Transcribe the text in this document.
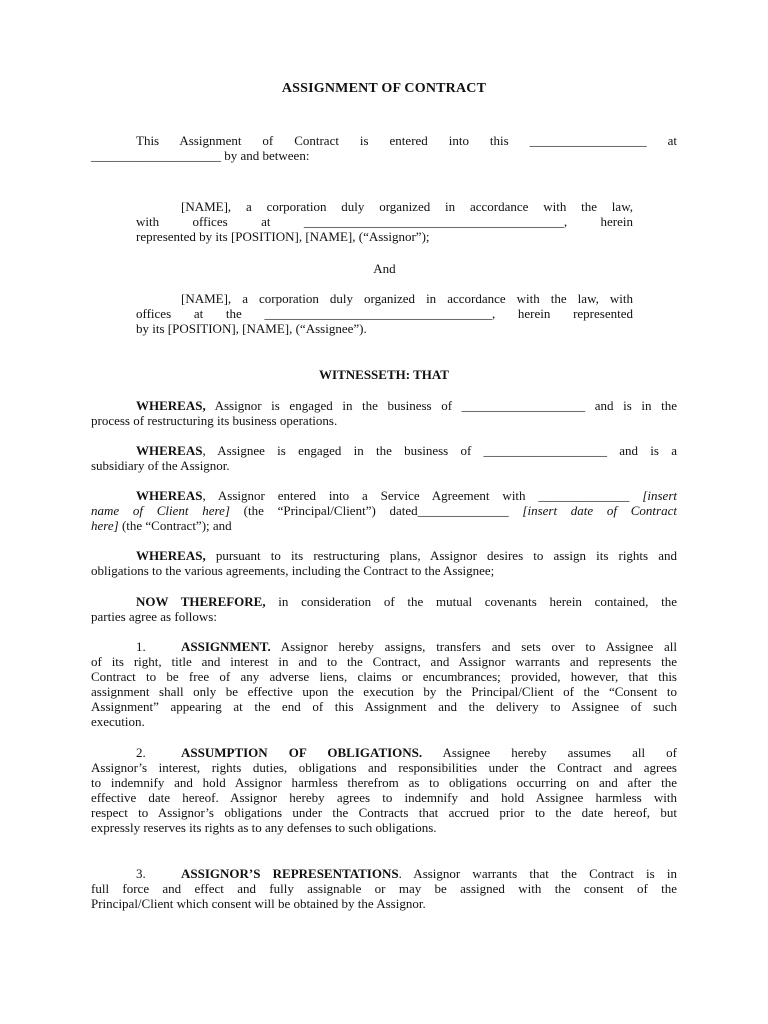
ASSIGNMENT OF CONTRACT
This Assignment of Contract is entered into this __________________ at
____________________ by and between:
[NAME], a corporation duly organized in accordance with the law,
with offices at ________________________________________, herein
represented by its [POSITION], [NAME], (“Assignor”);
And
[NAME], a corporation duly organized in accordance with the law, with
offices at the ___________________________________, herein represented
by its [POSITION], [NAME], (“Assignee”).
WITNESSETH: THAT
WHEREAS, Assignor is engaged in the business of ___________________ and is in the
process of restructuring its business operations.
WHEREAS, Assignee is engaged in the business of ___________________ and is a
subsidiary of the Assignor.
WHEREAS, Assignor entered into a Service Agreement with ______________ [insert
name of Client here] (the “Principal/Client”) dated______________ [insert date of Contract
here] (the “Contract”); and
WHEREAS, pursuant to its restructuring plans, Assignor desires to assign its rights and
obligations to the various agreements, including the Contract to the Assignee;
NOW THEREFORE, in consideration of the mutual covenants herein contained, the
parties agree as follows:
1.	ASSIGNMENT. Assignor hereby assigns, transfers and sets over to Assignee all
of its right, title and interest in and to the Contract, and Assignor warrants and represents the
Contract to be free of any adverse liens, claims or encumbrances; provided, however, that this
assignment shall only be effective upon the execution by the Principal/Client of the “Consent to
Assignment” appearing at the end of this Assignment and the delivery to Assignee of such
execution.
2.	ASSUMPTION OF OBLIGATIONS. Assignee hereby assumes all of
Assignor’s interest, rights duties, obligations and responsibilities under the Contract and agrees
to indemnify and hold Assignor harmless therefrom as to obligations occurring on and after the
effective date hereof. Assignor hereby agrees to indemnify and hold Assignee harmless with
respect to Assignor’s obligations under the Contracts that accrued prior to the date hereof, but
expressly reserves its rights as to any defenses to such obligations.
3.	ASSIGNOR’S REPRESENTATIONS. Assignor warrants that the Contract is in
full force and effect and fully assignable or may be assigned with the consent of the
Principal/Client which consent will be obtained by the Assignor.
